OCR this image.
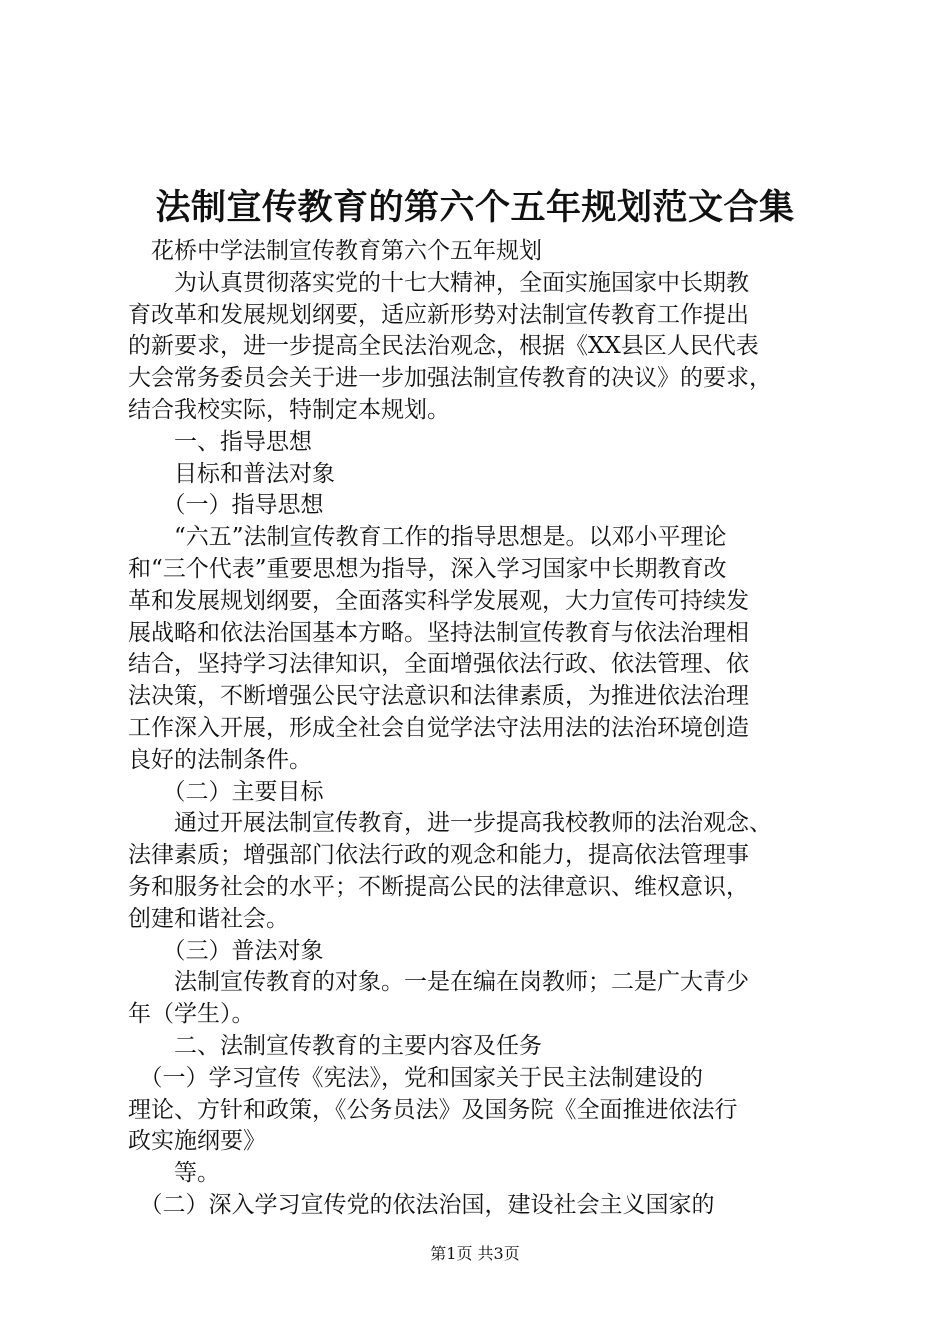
法制宣传教育的第六个五年规划范文合集
　花桥中学法制宣传教育第六个五年规划
　　为认真贯彻落实党的十七大精神，全面实施国家中长期教
育改革和发展规划纲要，适应新形势对法制宣传教育工作提出
的新要求，进一步提高全民法治观念，根据《XX县区人民代表
大会常务委员会关于进一步加强法制宣传教育的决议》的要求，
结合我校实际，特制定本规划。
　　一、指导思想
　　目标和普法对象
　　（一）指导思想
　　“六五”法制宣传教育工作的指导思想是。以邓小平理论
和“三个代表”重要思想为指导，深入学习国家中长期教育改
革和发展规划纲要，全面落实科学发展观，大力宣传可持续发
展战略和依法治国基本方略。坚持法制宣传教育与依法治理相
结合，坚持学习法律知识，全面增强依法行政、依法管理、依
法决策，不断增强公民守法意识和法律素质，为推进依法治理
工作深入开展，形成全社会自觉学法守法用法的法治环境创造
良好的法制条件。
　　（二）主要目标
　　通过开展法制宣传教育，进一步提高我校教师的法治观念、
法律素质；增强部门依法行政的观念和能力，提高依法管理事
务和服务社会的水平；不断提高公民的法律意识、维权意识，
创建和谐社会。
　　（三）普法对象
　　法制宣传教育的对象。一是在编在岗教师；二是广大青少
年（学生）。
　　二、法制宣传教育的主要内容及任务
　（一）学习宣传《宪法》，党和国家关于民主法制建设的
理论、方针和政策，《公务员法》及国务院《全面推进依法行
政实施纲要》
　　等。
　（二）深入学习宣传党的依法治国，建设社会主义国家的
第1页 共3页
